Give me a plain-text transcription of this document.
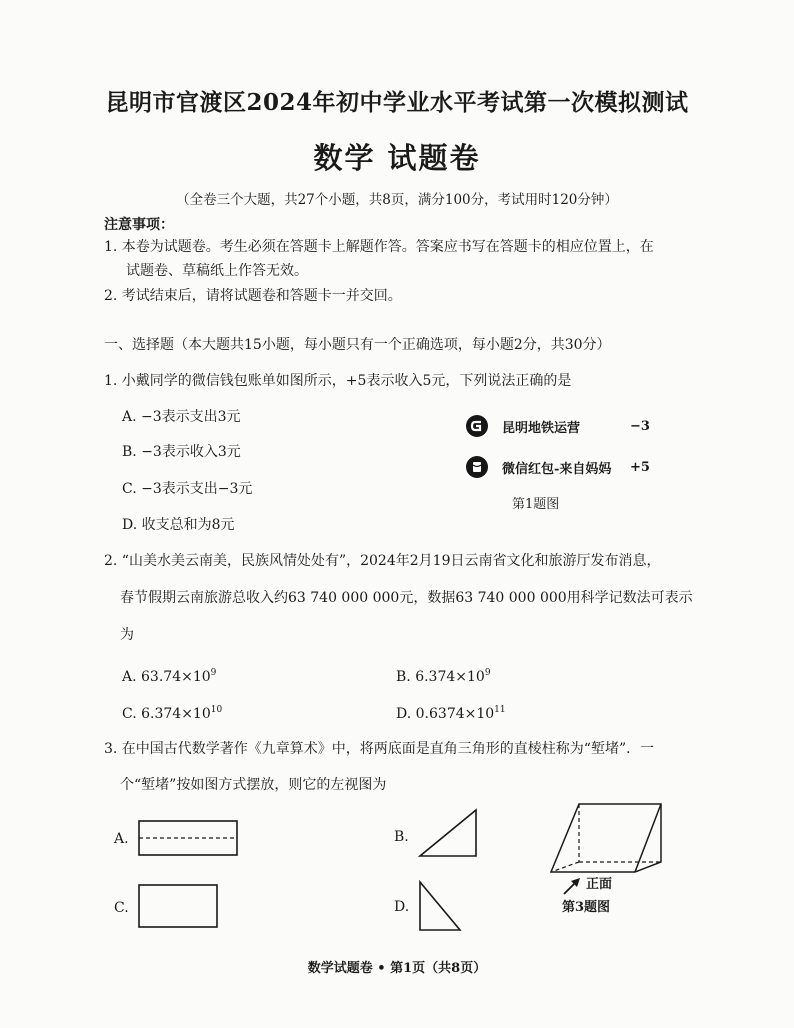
昆明市官渡区2024年初中学业水平考试第一次模拟测试
数学 试题卷
（全卷三个大题，共27个小题，共8页，满分100分，考试用时120分钟）
注意事项：
1. 本卷为试题卷。考生必须在答题卡上解题作答。答案应书写在答题卡的相应位置上，在
试题卷、草稿纸上作答无效。
2. 考试结束后，请将试题卷和答题卡一并交回。
一、选择题（本大题共15小题，每小题只有一个正确选项，每小题2分，共30分）
1. 小戴同学的微信钱包账单如图所示，+5表示收入5元，下列说法正确的是
A. −3表示支出3元
B. −3表示收入3元
C. −3表示支出−3元
D. 收支总和为8元
昆明地铁运营	−3
微信红包-来自妈妈	+5
第1题图
2. “山美水美云南美，民族风情处处有”，2024年2月19日云南省文化和旅游厅发布消息，
春节假期云南旅游总收入约63 740 000 000元，数据63 740 000 000用科学记数法可表示
为
A. $63.74\times 10^9$	B. $6.374\times 10^9$
C. $6.374\times 10^{10}$	D. $0.6374\times 10^{11}$
3. 在中国古代数学著作《九章算术》中，将两底面是直角三角形的直棱柱称为“堑堵”．一
个“堑堵”按如图方式摆放，则它的左视图为
A.	B.
C.	D.
正面
第3题图
数学试题卷 • 第1页（共8页）
